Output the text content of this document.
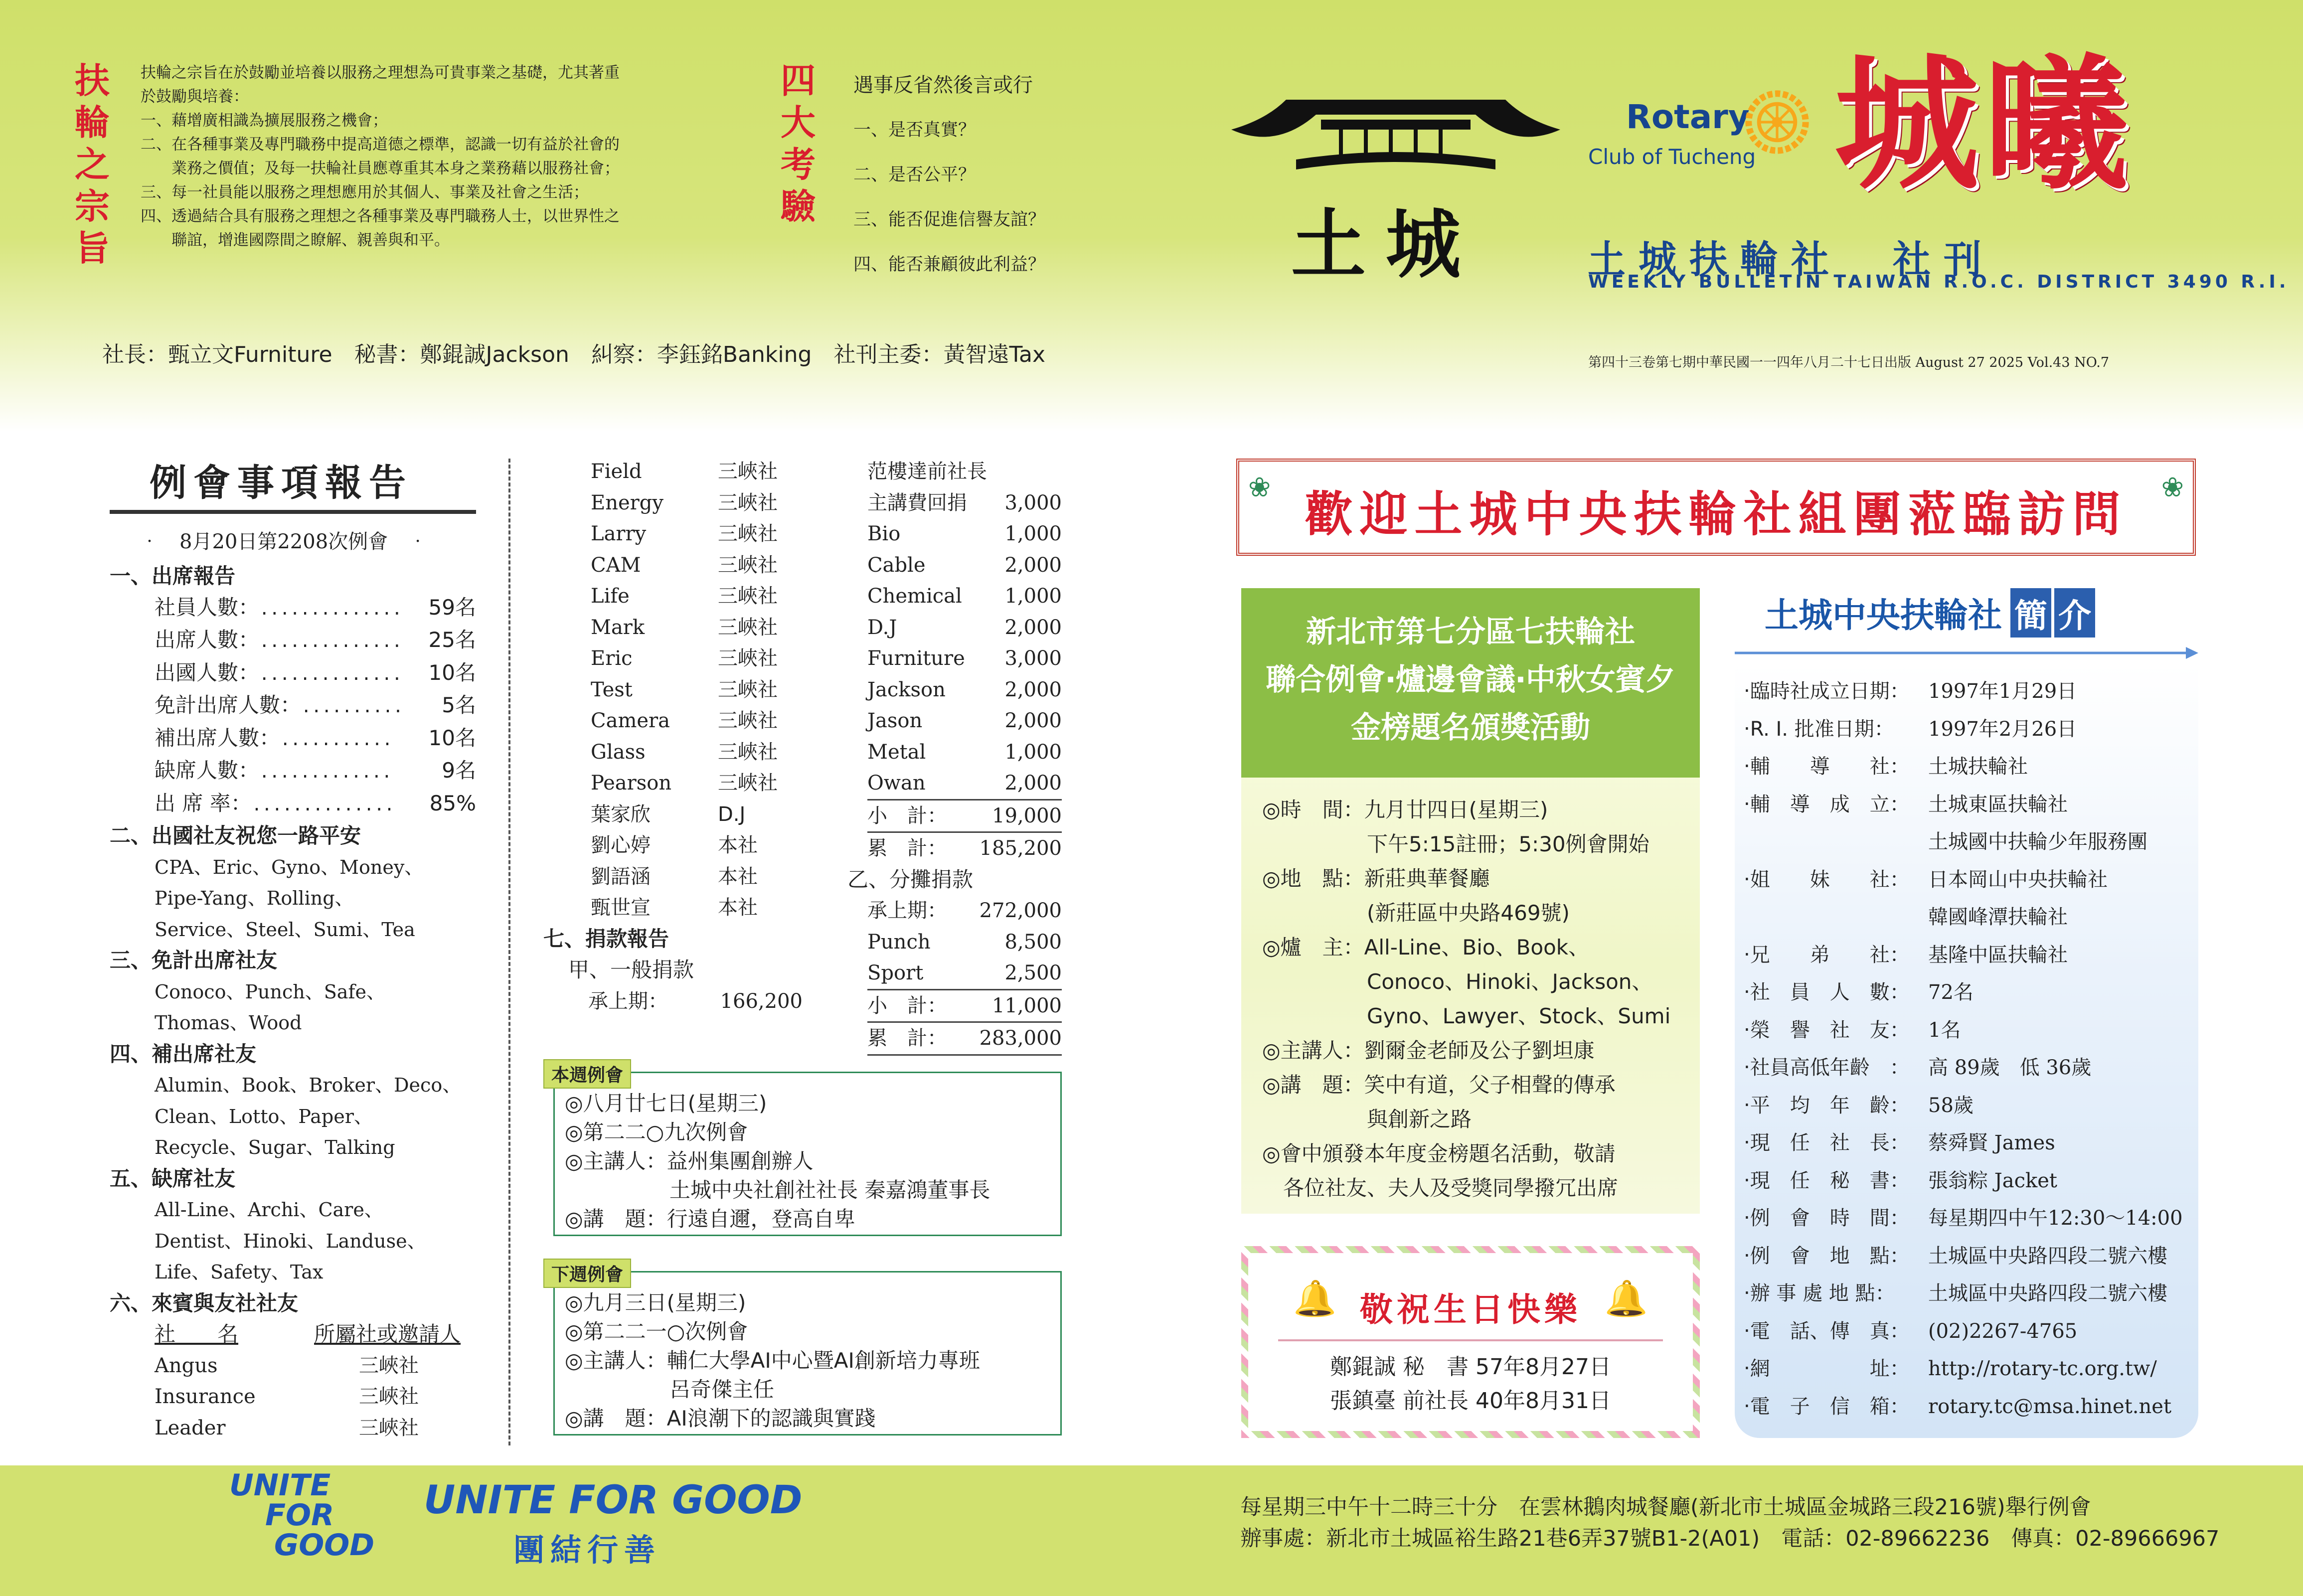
扶輪之宗旨
扶輪之宗旨在於鼓勵並培養以服務之理想為可貴事業之基礎，尤其著重
於鼓勵與培養：
一、藉增廣相識為擴展服務之機會；
二、在各種事業及專門職務中提高道德之標準，認識一切有益於社會的
　　業務之價值；及每一扶輪社員應尊重其本身之業務藉以服務社會；
三、每一社員能以服務之理想應用於其個人、事業及社會之生活；
四、透過結合具有服務之理想之各種事業及專門職務人士，以世界性之
　　聯誼，增進國際間之瞭解、親善與和平。
四大考驗
遇事反省然後言或行
一、是否真實？
二、是否公平？
三、能否促進信譽友誼？
四、能否兼顧彼此利益？	土城
Rotary
Club of Tucheng 城曦
土城扶輪社　社刊
WEEKLY BULLETIN TAIWAN R.O.C. DISTRICT 3490 R.I.
社長：甄立文Furniture　秘書：鄭錕誠Jackson　糾察：李鈺銘Banking　社刊主委：黃智遠Tax	第四十三卷第七期中華民國一一四年八月二十七日出版 August 27 2025 Vol.43 NO.7
例會事項報告
‧　8月20日第2208次例會　‧
一、出席報告
社員人數：.............. 59名
出席人數：.............. 25名
出國人數：.............. 10名
免計出席人數：.......... 5名
補出席人數：........... 10名
缺席人數：............. 9名
出 席 率：.............. 85%
二、出國社友祝您一路平安
CPA、Eric、Gyno、Money、
Pipe-Yang、Rolling、
Service、Steel、Sumi、Tea
三、免計出席社友
Conoco、Punch、Safe、
Thomas、Wood
四、補出席社友
Alumin、Book、Broker、Deco、
Clean、Lotto、Paper、
Recycle、Sugar、Talking
五、缺席社友
All-Line、Archi、Care、
Dentist、Hinoki、Landuse、
Life、Safety、Tax
六、來賓與友社社友
社　　名	所屬社或邀請人
Angus	三峽社
Insurance	三峽社
Leader	三峽社
Field	三峽社
Energy	三峽社
Larry	三峽社
CAM	三峽社
Life	三峽社
Mark	三峽社
Eric	三峽社
Test	三峽社
Camera 三峽社
Glass	三峽社
Pearson 三峽社
葉家欣	D.J
劉心婷	本社
劉語涵	本社
甄世宣	本社
七、捐款報告
甲、一般捐款
承上期：	166,200
范樓達前社長
主講費回捐 3,000
Bio	1,000
Cable	2,000
Chemical 1,000
D.J	2,000
Furniture 3,000
Jackson	2,000
Jason	2,000
Metal	1,000
Owan	2,000
小　計： 19,000
累　計： 185,200
乙、分攤捐款
承上期： 272,000
Punch	8,500
Sport	2,500
小　計： 11,000
累　計： 283,000
本週例會
◎八月廿七日(星期三)
◎第二二○九次例會
◎主講人：益州集團創辦人
　　　　　土城中央社創社社長 秦嘉鴻董事長
◎講　題：行遠自邇，登高自卑
下週例會
◎九月三日(星期三)
◎第二二一○次例會
◎主講人：輔仁大學AI中心暨AI創新培力專班
　　　　　呂奇傑主任
◎講　題：AI浪潮下的認識與實踐
❀	❀
歡迎土城中央扶輪社組團蒞臨訪問
新北市第七分區七扶輪社
聯合例會‧爐邊會議‧中秋女賓夕
金榜題名頒獎活動
◎時　間：九月廿四日(星期三)
　　　　　下午5:15註冊；5:30例會開始
◎地　點：新莊典華餐廳
　　　　　(新莊區中央路469號)
◎爐　主：All-Line、Bio、Book、
　　　　　Conoco、Hinoki、Jackson、
　　　　　Gyno、Lawyer、Stock、Sumi
◎主講人：劉爾金老師及公子劉坦康
◎講　題：笑中有道，父子相聲的傳承
　　　　　與創新之路
◎會中頒發本年度金榜題名活動，敬請
　各位社友、夫人及受獎同學撥冗出席
🔔	🔔
敬祝生日快樂
鄭錕誠 秘　書 57年8月27日
張鎮臺 前社長 40年8月31日
土城中央扶輪社 簡 介
‧臨時社成立日期： 1997年1月29日
‧R. I. 批准日期： 1997年2月26日
‧輔　　導　　社： 土城扶輪社
‧輔　導　成　立： 土城東區扶輪社
土城國中扶輪少年服務團
‧姐　　妹　　社： 日本岡山中央扶輪社
韓國峰潭扶輪社
‧兄　　弟　　社： 基隆中區扶輪社
‧社　員　人　數： 72名
‧榮　譽　社　友： 1名
‧社員高低年齡　： 高 89歲　低 36歲
‧平　均　年　齡： 58歲
‧現　任　社　長： 蔡舜賢 James
‧現　任　秘　書： 張翁粽 Jacket
‧例　會　時　間： 每星期四中午12:30～14:00
‧例　會　地　點： 土城區中央路四段二號六樓
‧辦 事 處 地 點： 土城區中央路四段二號六樓
‧電　話、傳　真： (02)2267-4765
‧網　　　　　址： http://rotary-tc.org.tw/
‧電　子　信　箱： rotary.tc@msa.hinet.net
UNITE
FOR
GOOD
UNITE FOR GOOD
團結行善
每星期三中午十二時三十分　在雲林鵝肉城餐廳(新北市土城區金城路三段216號)舉行例會
辦事處：新北市土城區裕生路21巷6弄37號B1-2(A01)　電話：02-89662236　傳真：02-89666967
